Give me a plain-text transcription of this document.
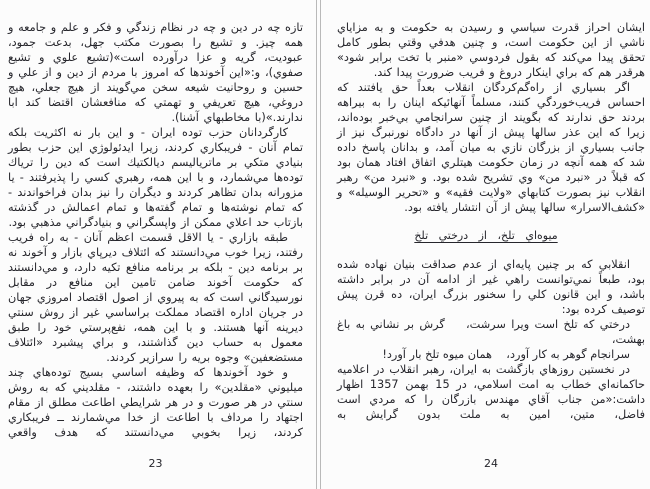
تازه چه در دين و چه در نظام زندگي و فكر و علم و جامعه و همه چيز. و تشيع را بصورت مكتب جهل، بدعت جمود، عبوديت، گريه و عزا درآورده است»(تشيع علوي و تشيع صفوي)، و:«اين آخوندها كه امروز با مردم از دين و از علي و حسين و روحانيت شيعه سخن مي‌گويند از هيچ جعلي، هيچ دروغي، هيچ تعريفي و تهمتي كه منافعشان اقتضا كند ابا ندارند.»(با مخاطبهاي آشنا).

كارگردانان حزب توده ايران - و اين بار نه اكثريت بلكه تمام آنان - فريبكاري كردند، زيرا ايدئولوژي اين حزب بطور بنيادي متكي بر ماترياليسم ديالكتيك است كه دين را ترياك توده‌ها مي‌شمارد، و با اين همه، رهبري كسي را پذيرفتند - يا مزورانه بدان تظاهر كردند و ديگران را نيز بدان فراخواندند - كه تمام نوشته‌ها و تمام گفته‌ها و تمام اعمالش در گذشته بازتاب حد اعلاي ممكن از واپسگراني و بنيادگراني مذهبي بود.

طبقه بازاري - يا الاقل قسمت اعظم آنان - به راه فريب رفتند، زيرا خوب مي‌دانستند كه ائتلاف ديرپاي بازار و آخوند نه بر برنامه دين - بلكه بر برنامه منافع تكيه دارد، و مي‌دانستند كه حكومت آخوند ضامن تامين اين منافع در مقابل نورسيدگاني است كه به پيروي از اصول اقتصاد امروزي جهان در جريان اداره اقتصاد مملكت براساسي غير از روش سنتي ديرينه آنها هستند. و با اين همه، نفع‌پرستي خود را طبق معمول به حساب دين گذاشتند، و براي پيشبرد «ائتلاف مستضعفين» وجوه بريه را سرازير كردند.

و خود آخوندها كه وظيفه اساسي بسيج توده‌هاي چند ميليوني «مقلدين» را بعهده داشتند، - مقلديني كه به روش سنتي در هر صورت و در هر شرايطي اطاعت مطلق از مقام اجتهاد را مرداف با اطاعت از خدا مي‌شمارند ــ فريبكاري كردند، زيرا بخوبي مي‌دانستند كه هدف واقعي

23

ايشان احراز قدرت سياسي و رسيدن به حكومت و به مزاياي ناشي از اين حكومت است، و چنين هدفي وقتي بطور كامل تحقق پيدا مي‌كند كه بقول فردوسي «منبر با تخت برابر شود» هرقدر هم كه براي اينكار دروغ و فريب ضرورت پيدا كند.

اگر بسياري از راه‌گم‌كردگان انقلاب بعداً حق يافتند كه احساس فريب‌خوردگي كنند، مسلماً آنهائيكه اينان را به بيراهه بردند حق ندارند كه بگويند از چنين سرانجامي بي‌خبر بوده‌اند، زيرا كه اين عذر سالها پيش از آنها در دادگاه نورنبرگ نيز از جانب بسياري از بزرگان نازي به ميان آمد، و بدانان پاسخ داده شد كه همه آنچه در زمان حكومت هيتلري اتفاق افتاد همان بود كه قبلاً در «نبرد من» وي تشريح شده بود. و «نبرد من» رهبر انقلاب نيز بصورت كتابهاي «ولايت فقيه» و «تحرير الوسيله» و «كشف‌الاسرار» سالها پيش از آن انتشار يافته بود.

ميوه‌اي تلخ، از درختي تلخ

انقلابي كه بر چنين پايه‌اي از عدم صداقت بنيان نهاده شده بود، طبعاً نمي‌توانست راهي غير از ادامه آن در برابر داشته باشد، و اين قانون كلي را سخنور بزرگ ايران، ده قرن پيش توصيف كرده بود:

درختي كه تلخ است ويرا سرشت،    گرش بر نشاني به باغ بهشت،

سرانجام گوهر به كار آورد،    همان ميوه تلخ بار آورد!

در نخستين روزهاي بازگشت به ايران، رهبر انقلاب در اعلاميه حاكمانه‌اي خطاب به امت اسلامي، در 15 بهمن 1357 اظهار داشت:«من جناب آقاي مهندس بازرگان را كه مردي است فاضل، متين، امين به ملت بدون گرايش به

24
